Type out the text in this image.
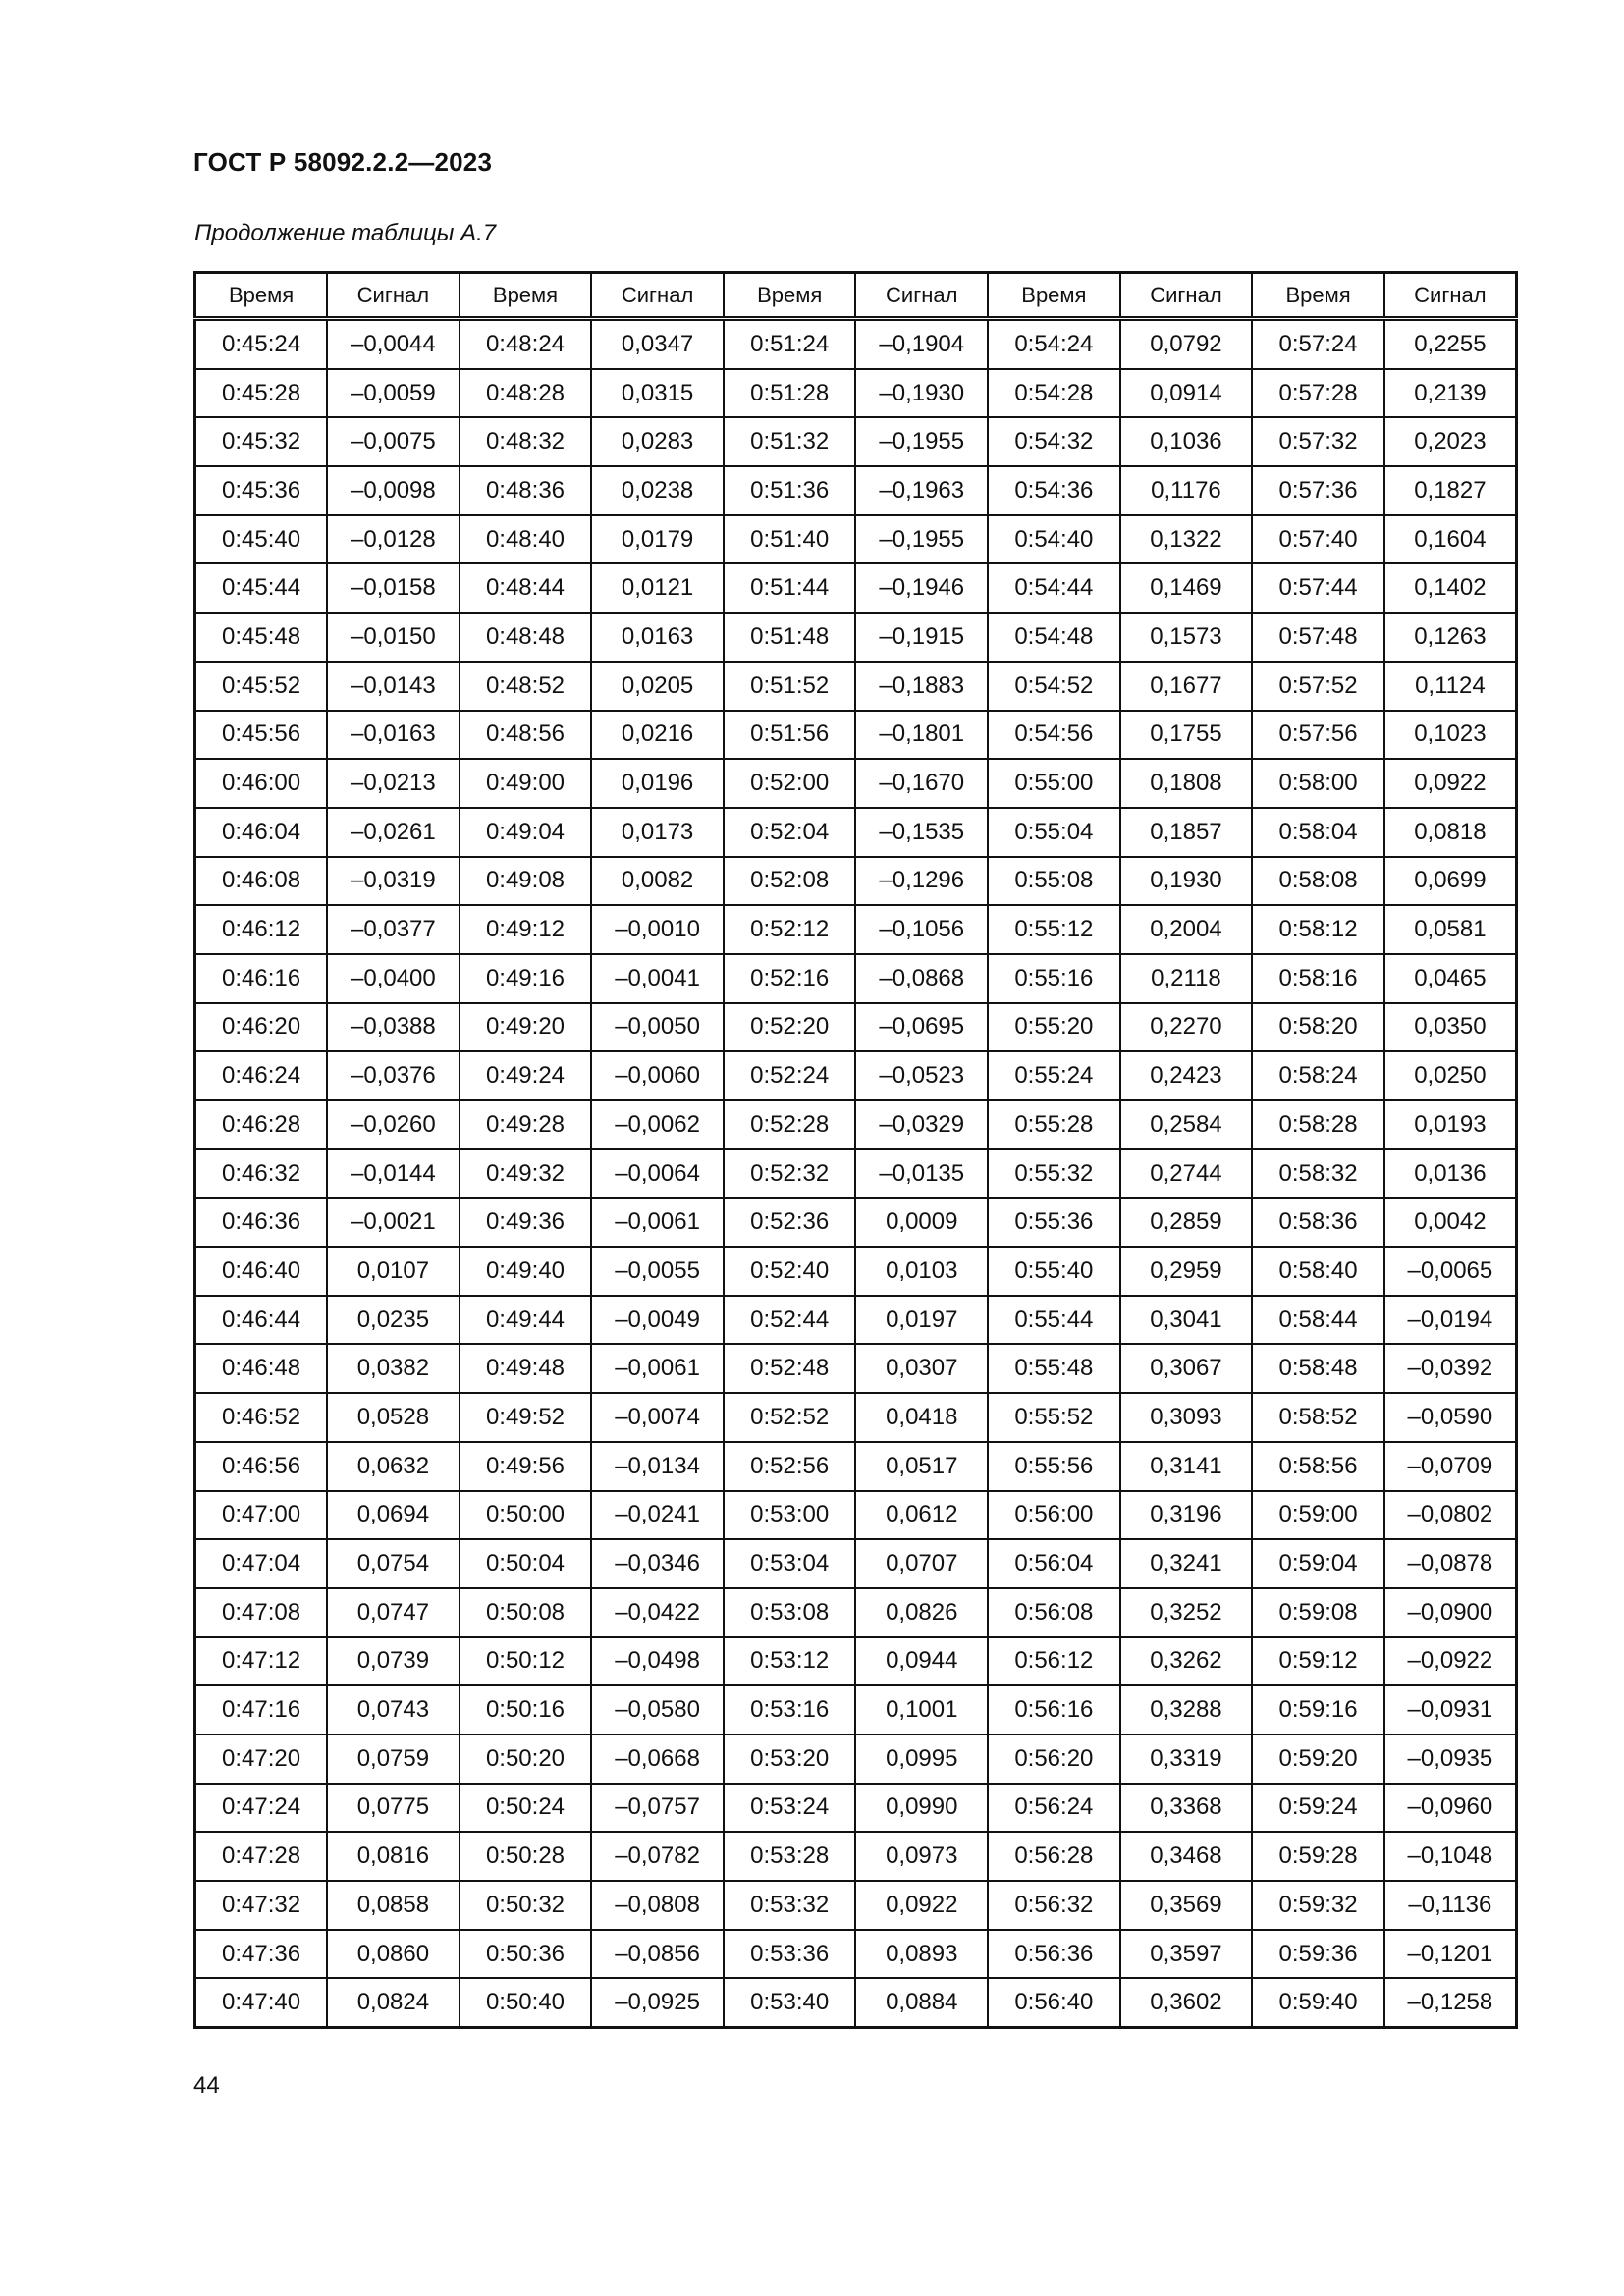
ГОСТ Р 58092.2.2—2023
Продолжение таблицы А.7
Время	Сигнал	Время	Сигнал	Время	Сигнал	Время	Сигнал	Время	Сигнал
0:45:24	–0,0044	0:48:24	0,0347	0:51:24	–0,1904	0:54:24	0,0792	0:57:24	0,2255
0:45:28	–0,0059	0:48:28	0,0315	0:51:28	–0,1930	0:54:28	0,0914	0:57:28	0,2139
0:45:32	–0,0075	0:48:32	0,0283	0:51:32	–0,1955	0:54:32	0,1036	0:57:32	0,2023
0:45:36	–0,0098	0:48:36	0,0238	0:51:36	–0,1963	0:54:36	0,1176	0:57:36	0,1827
0:45:40	–0,0128	0:48:40	0,0179	0:51:40	–0,1955	0:54:40	0,1322	0:57:40	0,1604
0:45:44	–0,0158	0:48:44	0,0121	0:51:44	–0,1946	0:54:44	0,1469	0:57:44	0,1402
0:45:48	–0,0150	0:48:48	0,0163	0:51:48	–0,1915	0:54:48	0,1573	0:57:48	0,1263
0:45:52	–0,0143	0:48:52	0,0205	0:51:52	–0,1883	0:54:52	0,1677	0:57:52	0,1124
0:45:56	–0,0163	0:48:56	0,0216	0:51:56	–0,1801	0:54:56	0,1755	0:57:56	0,1023
0:46:00	–0,0213	0:49:00	0,0196	0:52:00	–0,1670	0:55:00	0,1808	0:58:00	0,0922
0:46:04	–0,0261	0:49:04	0,0173	0:52:04	–0,1535	0:55:04	0,1857	0:58:04	0,0818
0:46:08	–0,0319	0:49:08	0,0082	0:52:08	–0,1296	0:55:08	0,1930	0:58:08	0,0699
0:46:12	–0,0377	0:49:12	–0,0010	0:52:12	–0,1056	0:55:12	0,2004	0:58:12	0,0581
0:46:16	–0,0400	0:49:16	–0,0041	0:52:16	–0,0868	0:55:16	0,2118	0:58:16	0,0465
0:46:20	–0,0388	0:49:20	–0,0050	0:52:20	–0,0695	0:55:20	0,2270	0:58:20	0,0350
0:46:24	–0,0376	0:49:24	–0,0060	0:52:24	–0,0523	0:55:24	0,2423	0:58:24	0,0250
0:46:28	–0,0260	0:49:28	–0,0062	0:52:28	–0,0329	0:55:28	0,2584	0:58:28	0,0193
0:46:32	–0,0144	0:49:32	–0,0064	0:52:32	–0,0135	0:55:32	0,2744	0:58:32	0,0136
0:46:36	–0,0021	0:49:36	–0,0061	0:52:36	0,0009	0:55:36	0,2859	0:58:36	0,0042
0:46:40	0,0107	0:49:40	–0,0055	0:52:40	0,0103	0:55:40	0,2959	0:58:40	–0,0065
0:46:44	0,0235	0:49:44	–0,0049	0:52:44	0,0197	0:55:44	0,3041	0:58:44	–0,0194
0:46:48	0,0382	0:49:48	–0,0061	0:52:48	0,0307	0:55:48	0,3067	0:58:48	–0,0392
0:46:52	0,0528	0:49:52	–0,0074	0:52:52	0,0418	0:55:52	0,3093	0:58:52	–0,0590
0:46:56	0,0632	0:49:56	–0,0134	0:52:56	0,0517	0:55:56	0,3141	0:58:56	–0,0709
0:47:00	0,0694	0:50:00	–0,0241	0:53:00	0,0612	0:56:00	0,3196	0:59:00	–0,0802
0:47:04	0,0754	0:50:04	–0,0346	0:53:04	0,0707	0:56:04	0,3241	0:59:04	–0,0878
0:47:08	0,0747	0:50:08	–0,0422	0:53:08	0,0826	0:56:08	0,3252	0:59:08	–0,0900
0:47:12	0,0739	0:50:12	–0,0498	0:53:12	0,0944	0:56:12	0,3262	0:59:12	–0,0922
0:47:16	0,0743	0:50:16	–0,0580	0:53:16	0,1001	0:56:16	0,3288	0:59:16	–0,0931
0:47:20	0,0759	0:50:20	–0,0668	0:53:20	0,0995	0:56:20	0,3319	0:59:20	–0,0935
0:47:24	0,0775	0:50:24	–0,0757	0:53:24	0,0990	0:56:24	0,3368	0:59:24	–0,0960
0:47:28	0,0816	0:50:28	–0,0782	0:53:28	0,0973	0:56:28	0,3468	0:59:28	–0,1048
0:47:32	0,0858	0:50:32	–0,0808	0:53:32	0,0922	0:56:32	0,3569	0:59:32	–0,1136
0:47:36	0,0860	0:50:36	–0,0856	0:53:36	0,0893	0:56:36	0,3597	0:59:36	–0,1201
0:47:40	0,0824	0:50:40	–0,0925	0:53:40	0,0884	0:56:40	0,3602	0:59:40	–0,1258
44
